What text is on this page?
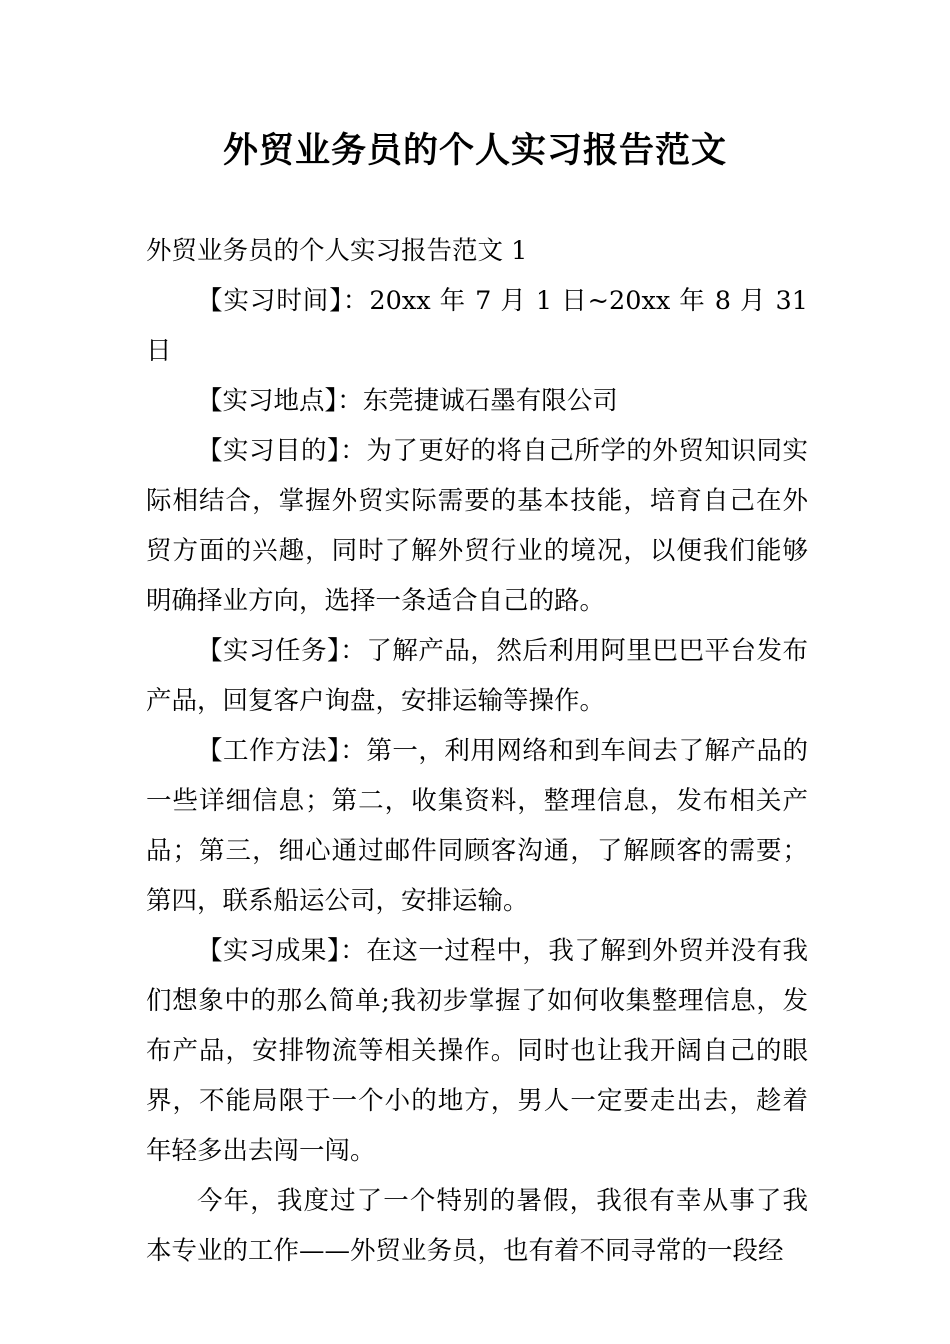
外贸业务员的个人实习报告范文

外贸业务员的个人实习报告范文 1

【实习时间】：20xx 年 7 月 1 日~20xx 年 8 月 31 日

【实习地点】：东莞捷诚石墨有限公司

【实习目的】：为了更好的将自己所学的外贸知识同实际相结合，掌握外贸实际需要的基本技能，培育自己在外贸方面的兴趣，同时了解外贸行业的境况，以便我们能够明确择业方向，选择一条适合自己的路。

【实习任务】：了解产品，然后利用阿里巴巴平台发布产品，回复客户询盘，安排运输等操作。

【工作方法】：第一，利用网络和到车间去了解产品的一些详细信息；第二，收集资料，整理信息，发布相关产品；第三，细心通过邮件同顾客沟通，了解顾客的需要；第四，联系船运公司，安排运输。

【实习成果】：在这一过程中，我了解到外贸并没有我们想象中的那么简单;我初步掌握了如何收集整理信息，发布产品，安排物流等相关操作。同时也让我开阔自己的眼界，不能局限于一个小的地方，男人一定要走出去，趁着年轻多出去闯一闯。

今年，我度过了一个特别的暑假，我很有幸从事了我本专业的工作——外贸业务员，也有着不同寻常的一段经
